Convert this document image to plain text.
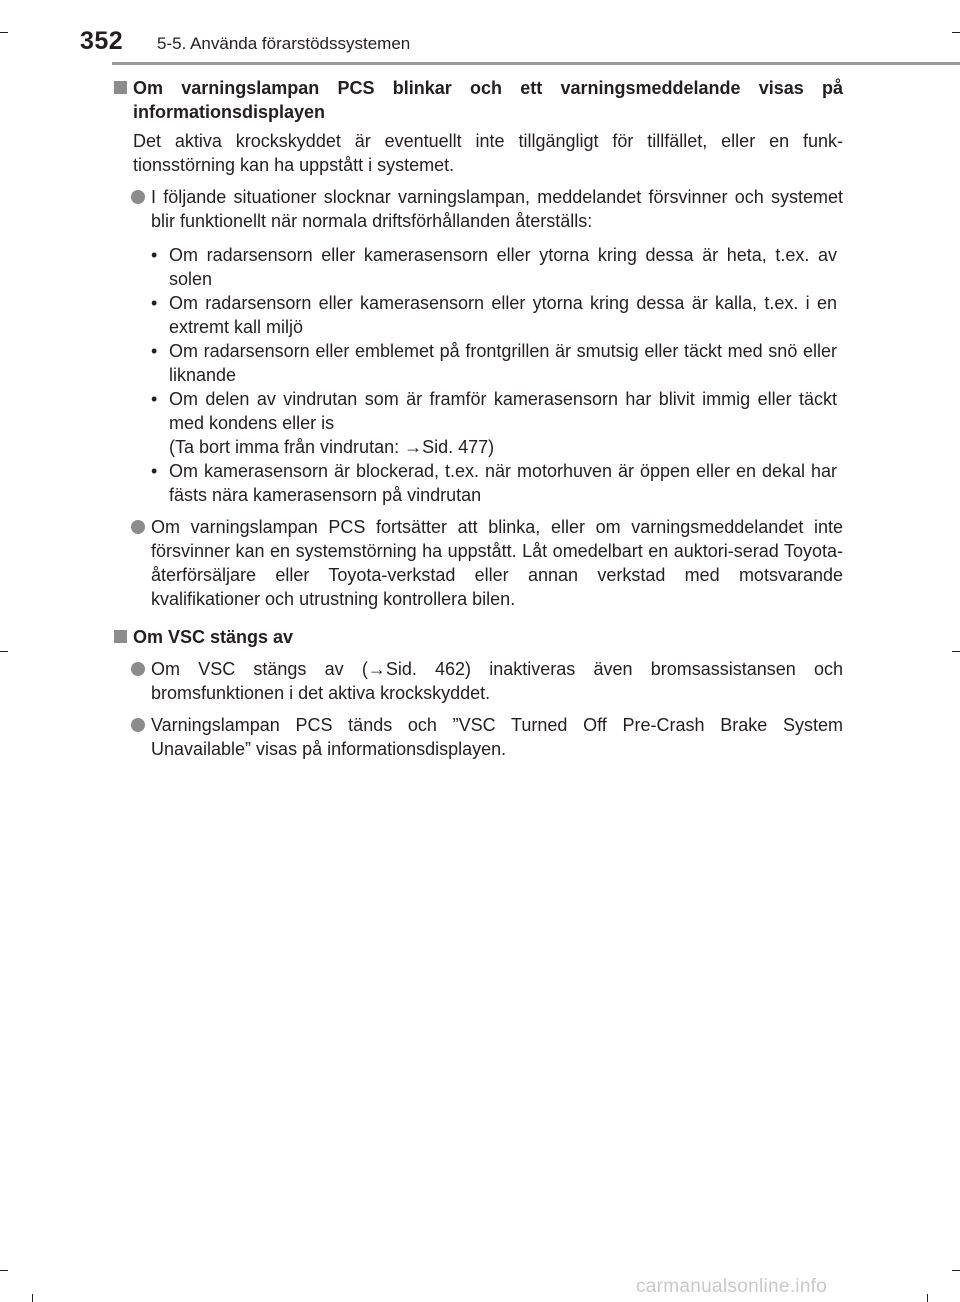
352 5-5. Använda förarstödssystemen
Om varningslampan PCS blinkar och ett varningsmeddelande visas på informationsdisplayen

Det aktiva krockskyddet är eventuellt inte tillgängligt för tillfället, eller en funk-tionsstörning kan ha uppstått i systemet.

I följande situationer slocknar varningslampan, meddelandet försvinner och systemet blir funktionellt när normala driftsförhållanden återställs:
• Om radarsensorn eller kamerasensorn eller ytorna kring dessa är heta, t.ex. av solen
• Om radarsensorn eller kamerasensorn eller ytorna kring dessa är kalla, t.ex. i en extremt kall miljö
• Om radarsensorn eller emblemet på frontgrillen är smutsig eller täckt med snö eller liknande
• Om delen av vindrutan som är framför kamerasensorn har blivit immig eller täckt med kondens eller is
(Ta bort imma från vindrutan: →Sid. 477)
• Om kamerasensorn är blockerad, t.ex. när motorhuven är öppen eller en dekal har fästs nära kamerasensorn på vindrutan
Om varningslampan PCS fortsätter att blinka, eller om varningsmeddelandet inte försvinner kan en systemstörning ha uppstått. Låt omedelbart en auktori-serad Toyota-återförsäljare eller Toyota-verkstad eller annan verkstad med motsvarande kvalifikationer och utrustning kontrollera bilen.
Om VSC stängs av
Om VSC stängs av (→Sid. 462) inaktiveras även bromsassistansen och bromsfunktionen i det aktiva krockskyddet.
Varningslampan PCS tänds och ”VSC Turned Off Pre-Crash Brake System Unavailable” visas på informationsdisplayen.
carmanualsonline.info
